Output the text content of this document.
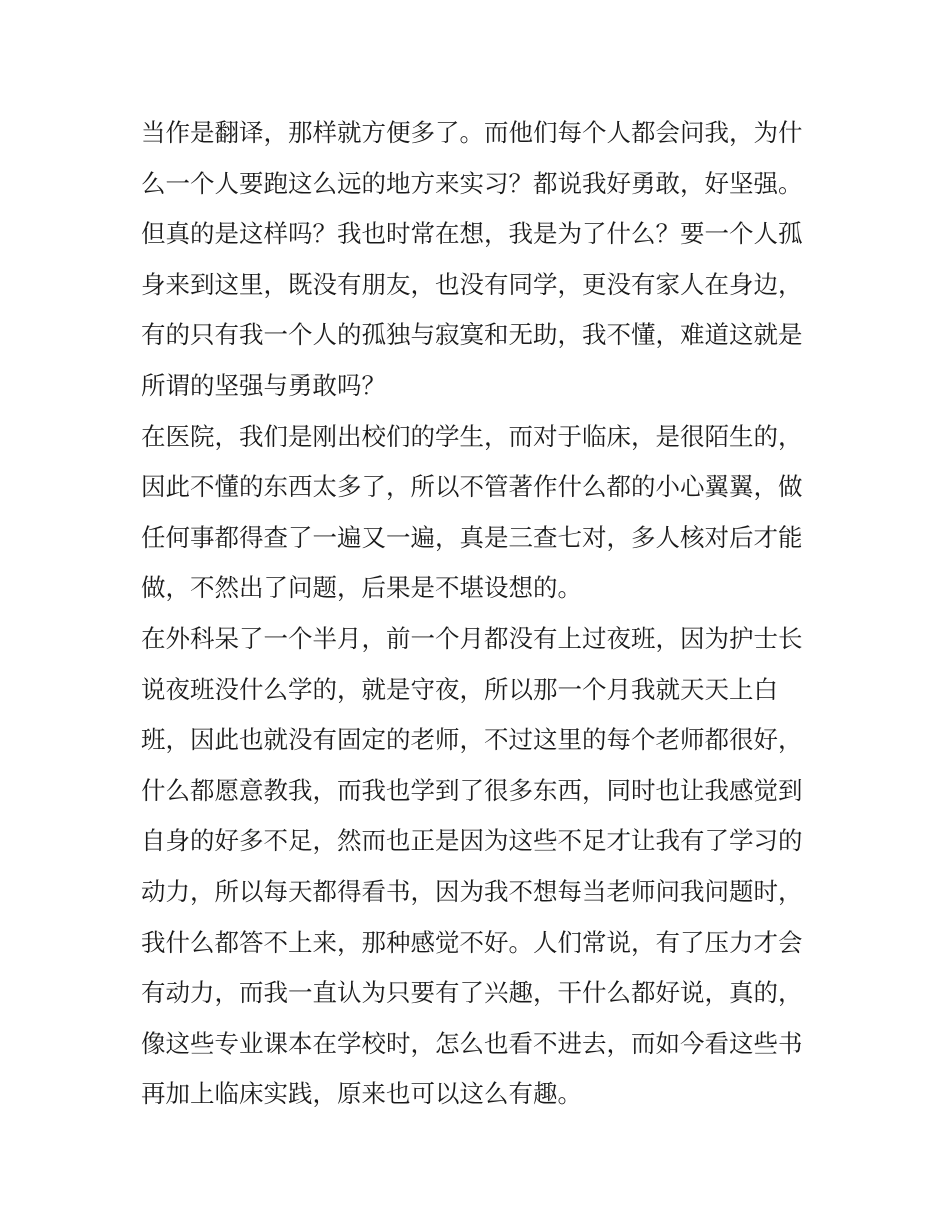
当作是翻译，那样就方便多了。而他们每个人都会问我，为什
么一个人要跑这么远的地方来实习？都说我好勇敢，好坚强。
但真的是这样吗？我也时常在想，我是为了什么？要一个人孤
身来到这里，既没有朋友，也没有同学，更没有家人在身边，
有的只有我一个人的孤独与寂寞和无助，我不懂，难道这就是
所谓的坚强与勇敢吗？
在医院，我们是刚出校们的学生，而对于临床，是很陌生的，
因此不懂的东西太多了，所以不管著作什么都的小心翼翼，做
任何事都得查了一遍又一遍，真是三查七对，多人核对后才能
做，不然出了问题，后果是不堪设想的。
在外科呆了一个半月，前一个月都没有上过夜班，因为护士长
说夜班没什么学的，就是守夜，所以那一个月我就天天上白
班，因此也就没有固定的老师，不过这里的每个老师都很好，
什么都愿意教我，而我也学到了很多东西，同时也让我感觉到
自身的好多不足，然而也正是因为这些不足才让我有了学习的
动力，所以每天都得看书，因为我不想每当老师问我问题时，
我什么都答不上来，那种感觉不好。人们常说，有了压力才会
有动力，而我一直认为只要有了兴趣，干什么都好说，真的，
像这些专业课本在学校时，怎么也看不进去，而如今看这些书
再加上临床实践，原来也可以这么有趣。
